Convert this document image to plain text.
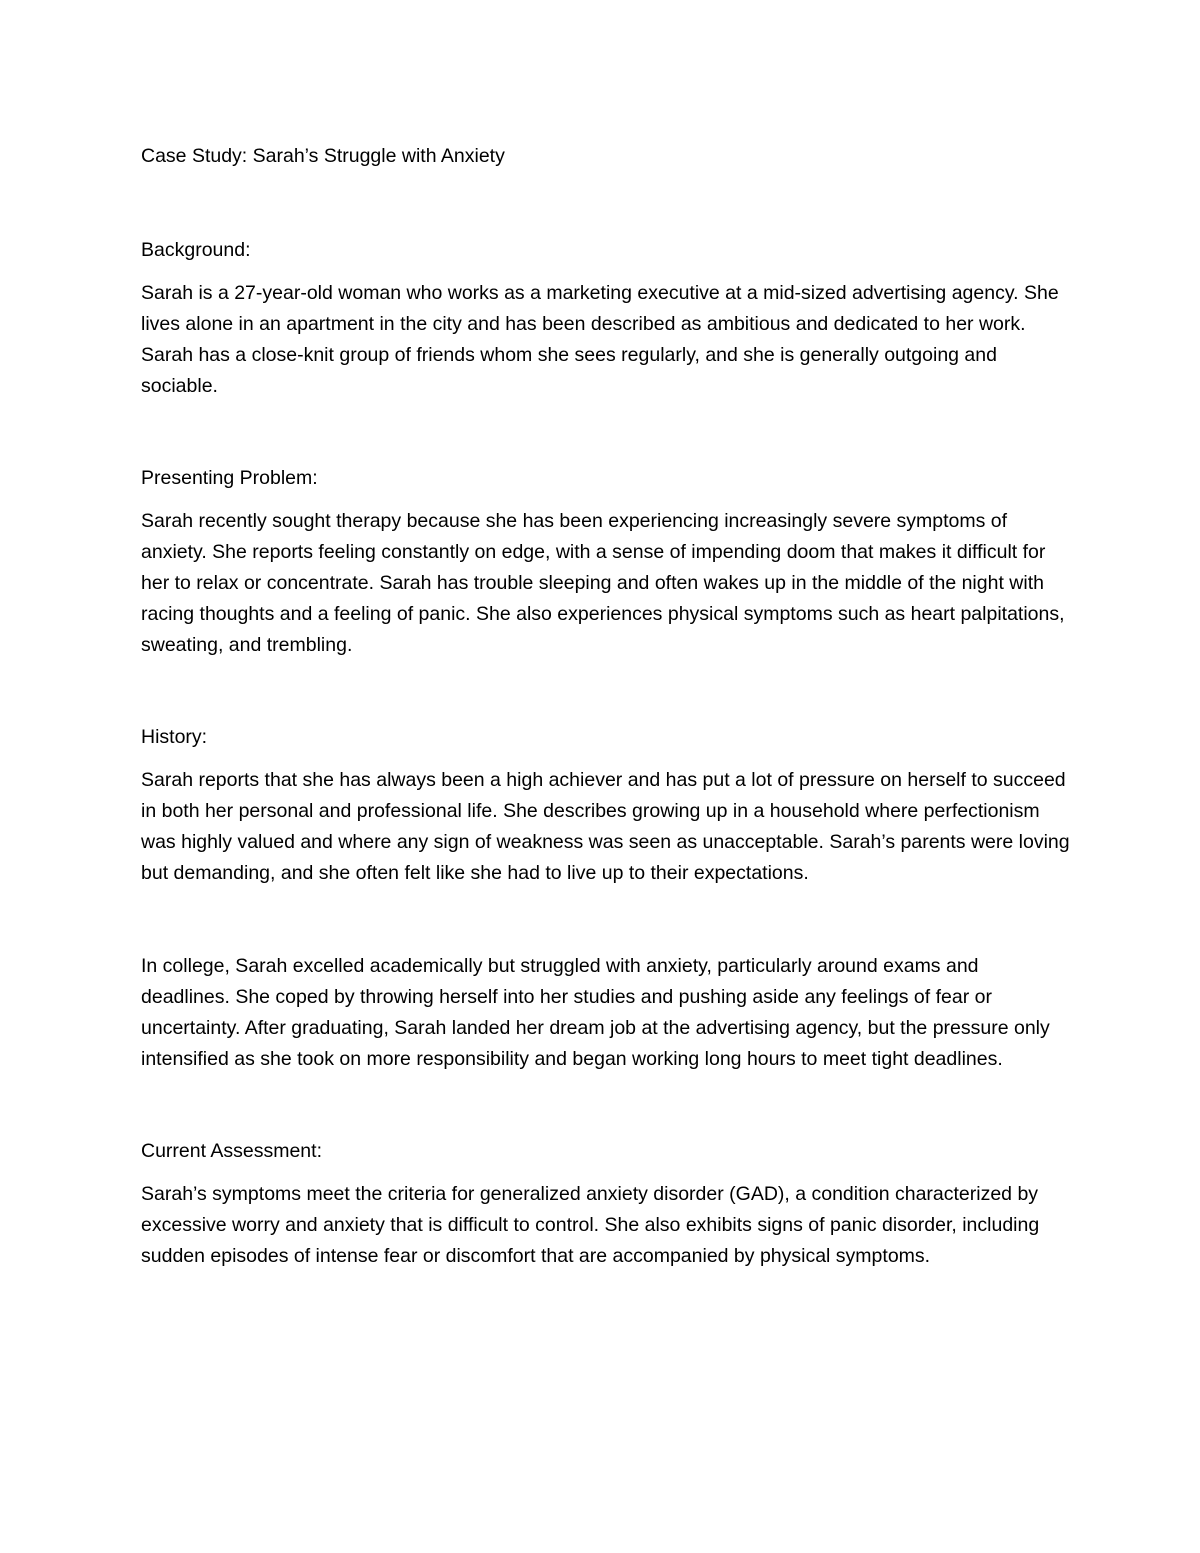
Case Study: Sarah’s Struggle with Anxiety
Background:

Sarah is a 27-year-old woman who works as a marketing executive at a mid-sized advertising agency. She lives alone in an apartment in the city and has been described as ambitious and dedicated to her work. Sarah has a close-knit group of friends whom she sees regularly, and she is generally outgoing and sociable.

Presenting Problem:

Sarah recently sought therapy because she has been experiencing increasingly severe symptoms of anxiety. She reports feeling constantly on edge, with a sense of impending doom that makes it difficult for her to relax or concentrate. Sarah has trouble sleeping and often wakes up in the middle of the night with racing thoughts and a feeling of panic. She also experiences physical symptoms such as heart palpitations, sweating, and trembling.

History:

Sarah reports that she has always been a high achiever and has put a lot of pressure on herself to succeed in both her personal and professional life. She describes growing up in a household where perfectionism was highly valued and where any sign of weakness was seen as unacceptable. Sarah’s parents were loving but demanding, and she often felt like she had to live up to their expectations.

In college, Sarah excelled academically but struggled with anxiety, particularly around exams and deadlines. She coped by throwing herself into her studies and pushing aside any feelings of fear or uncertainty. After graduating, Sarah landed her dream job at the advertising agency, but the pressure only intensified as she took on more responsibility and began working long hours to meet tight deadlines.

Current Assessment:

Sarah’s symptoms meet the criteria for generalized anxiety disorder (GAD), a condition characterized by excessive worry and anxiety that is difficult to control. She also exhibits signs of panic disorder, including sudden episodes of intense fear or discomfort that are accompanied by physical symptoms.
